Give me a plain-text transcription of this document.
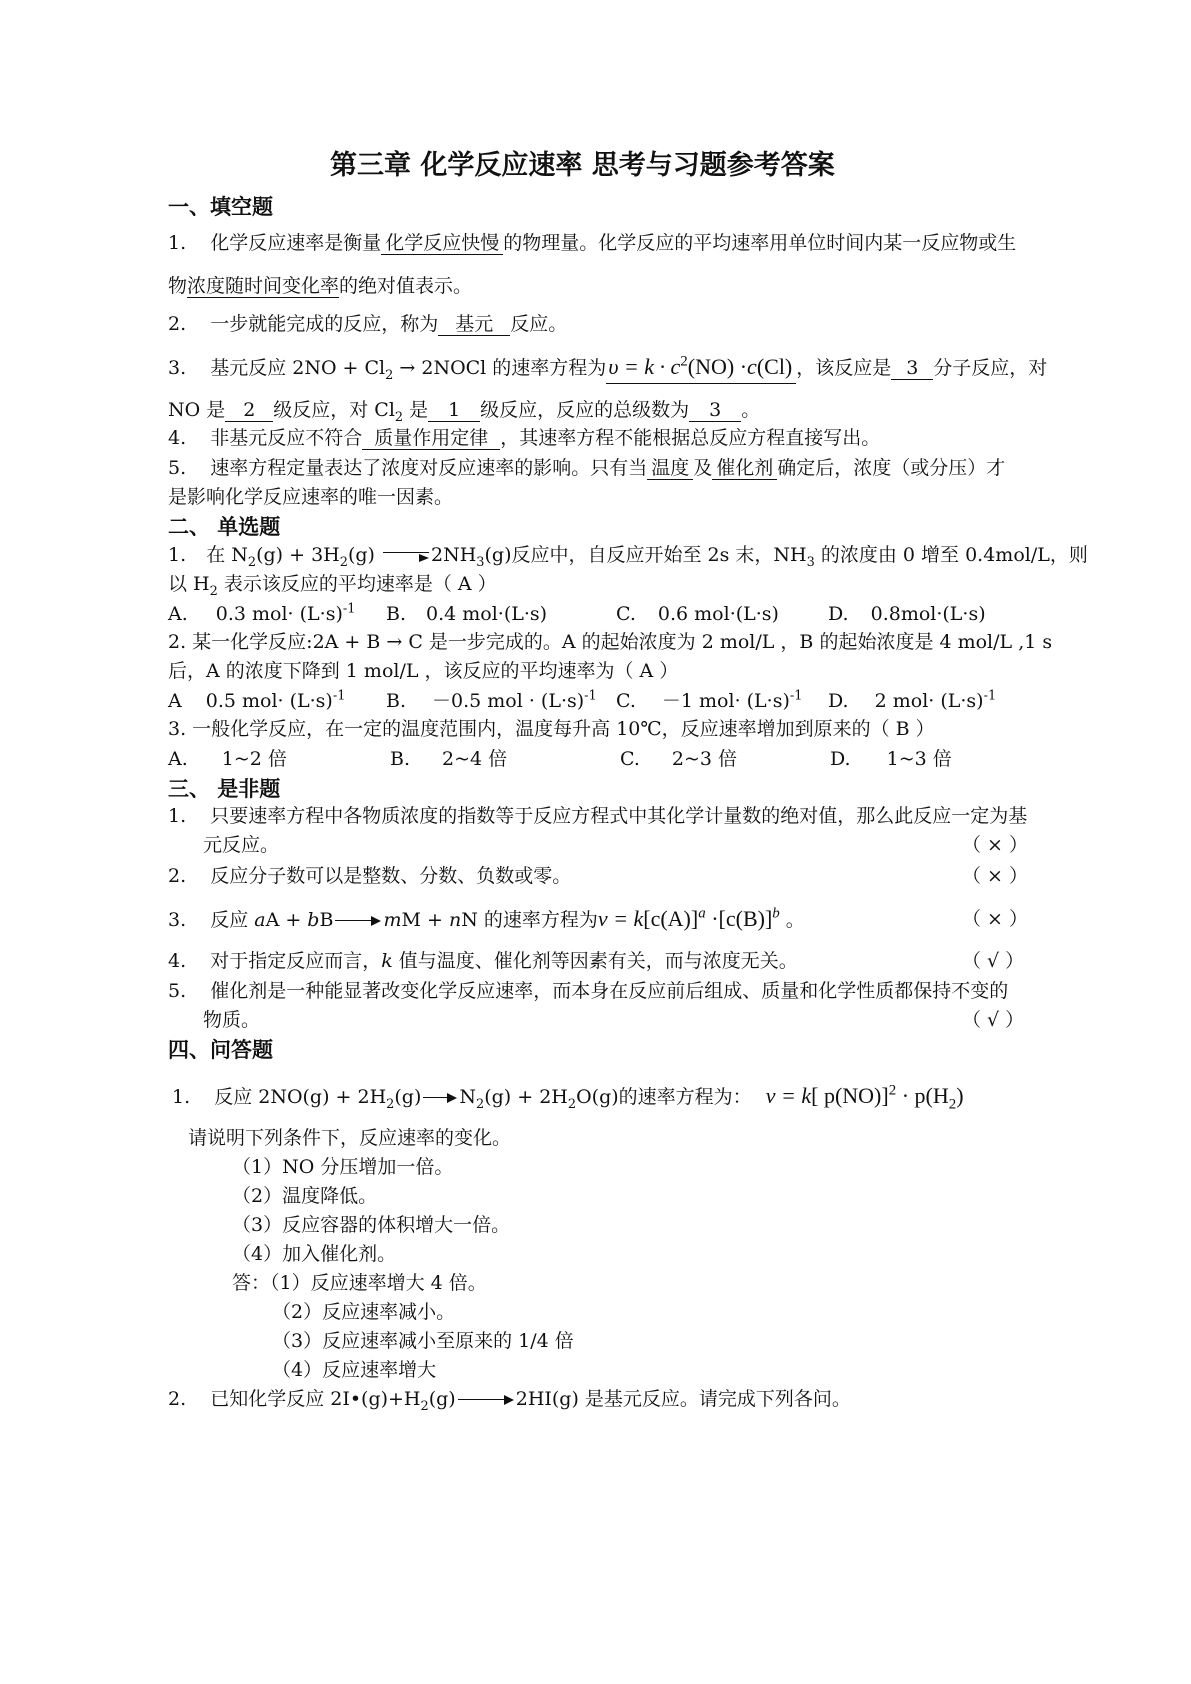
第三章 化学反应速率 思考与习题参考答案
一、填空题
1. 化学反应速率是衡量 化学反应快慢 的物理量。化学反应的平均速率用单位时间内某一反应物或生
物浓度随时间变化率的绝对值表示。
2. 一步就能完成的反应，称为 基元 反应。
3. 基元反应 $2NO + Cl_2$ → 2NOCl 的速率方程为$\upsilon = k \cdot c^2(NO) \cdot c(Cl)$ ，该反应是 3 分子反应，对
NO 是 2 级反应，对 $Cl_2$ 是 1 级反应，反应的总级数为 3 。
4. 非基元反应不符合 质量作用定律 ，其速率方程不能根据总反应方程直接写出。
5. 速率方程定量表达了浓度对反应速率的影响。只有当 温度 及 催化剂 确定后，浓度（或分压）才
是影响化学反应速率的唯一因素。
二、 单选题
1. 在 $N_2(g) + 3H_2(g)$	$2NH_3(g)$反应中，自反应开始至 2s 末，$NH_3$ 的浓度由 0 增至 0.4mol/L，则
以 $H_2$ 表示该反应的平均速率是（ A ）
A. 0.3 $mol\cdot (L\cdot s)^{-1}$ B. 0.4 mol·(L·s)	C. 0.6 mol·(L·s)	D. 0.8mol·(L·s)
2. 某一化学反应:2A + B → C 是一步完成的。A 的起始浓度为 2 mol/L ，B 的起始浓度是 4 mol/L ,1 s
后，A 的浓度下降到 1 mol/L ，该反应的平均速率为（ A ）
A 0.5 $mol\cdot (L\cdot s)^{-1}$ B. －0.5 mol · $(L\cdot s)^{-1}$ C. －1 $mol\cdot (L\cdot s)^{-1}$ D. 2 $mol\cdot (L\cdot s)^{-1}$
3. 一般化学反应，在一定的温度范围内，温度每升高 10℃，反应速率增加到原来的（ B ）
A. 1~2 倍	B. 2~4 倍	C. 2~3 倍	D. 1~3 倍
三、 是非题
1. 只要速率方程中各物质浓度的指数等于反应方程式中其化学计量数的绝对值，那么此反应一定为基
元反应。	（ × ）
2. 反应分子数可以是整数、分数、负数或零。	（ × ）
3. 反应 aA + bB	mM + nN 的速率方程为$v = k[c(A)]^a \cdot[c(B)]^b$ 。	（ × ）
4. 对于指定反应而言，k 值与温度、催化剂等因素有关，而与浓度无关。	（ √ ）
5. 催化剂是一种能显著改变化学反应速率，而本身在反应前后组成、质量和化学性质都保持不变的
物质。	（ √ ）
四、问答题
1. 反应 $2NO(g) + 2H_2(g) N_2(g) + 2H_2O(g)$的速率方程为： v = k[ $p(NO)]^2 \cdot p(H_2)$
请说明下列条件下，反应速率的变化。
（1）NO 分压增加一倍。
（2）温度降低。
（3）反应容器的体积增大一倍。
（4）加入催化剂。
答：（1）反应速率增大 4 倍。
（2）反应速率减小。
（3）反应速率减小至原来的 1/4 倍
（4）反应速率增大
2. 已知化学反应 $2I•(g)+H_2(g)$	2HI(g) 是基元反应。请完成下列各问。
